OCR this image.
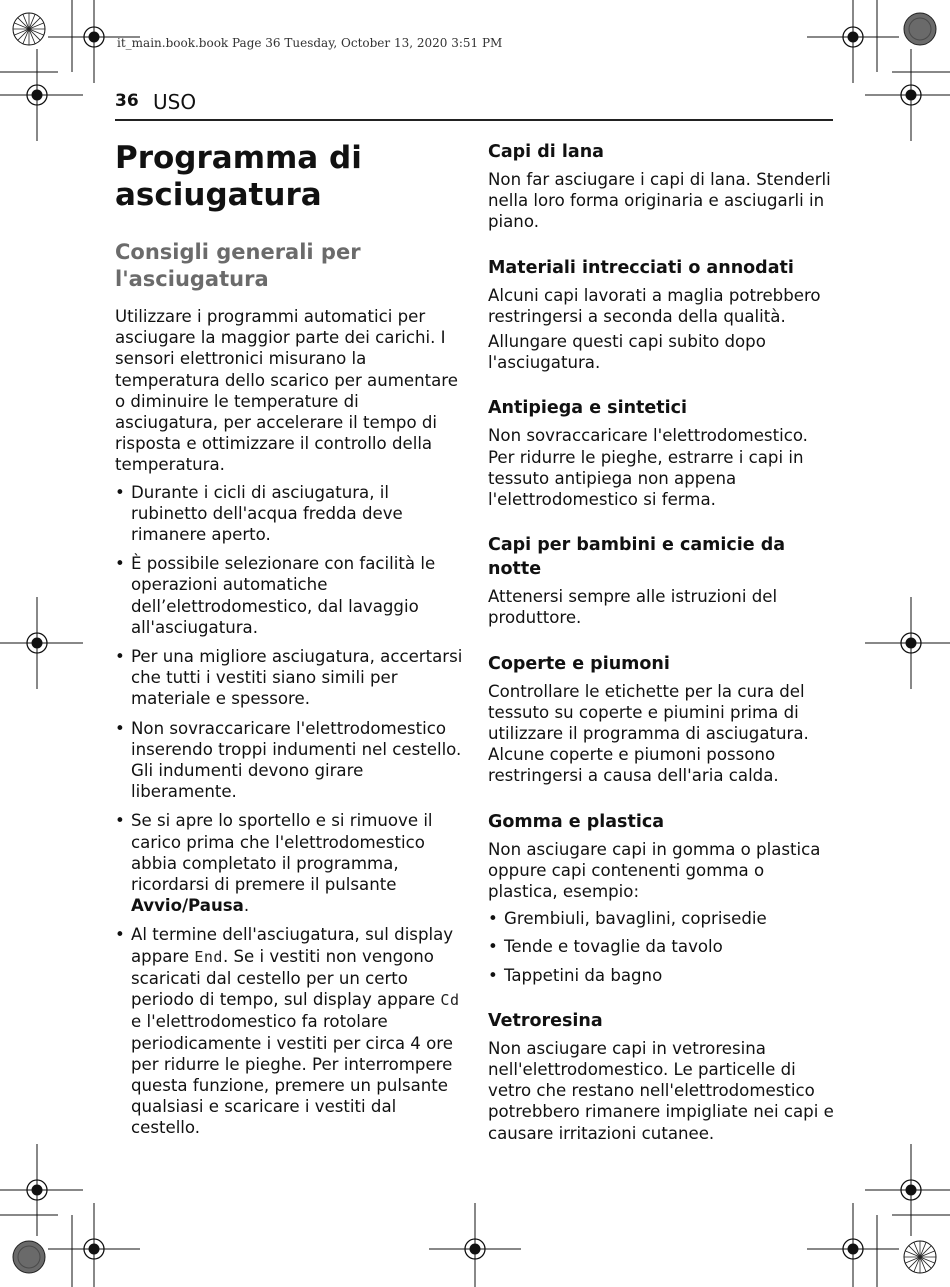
it_main.book.book Page 36 Tuesday, October 13, 2020 3:51 PM
36 USO
Programma di asciugatura
Consigli generali per l'asciugatura

Utilizzare i programmi automatici per asciugare la maggior parte dei carichi. I sensori elettronici misurano la temperatura dello scarico per aumentare o diminuire le temperature di asciugatura, per accelerare il tempo di risposta e ottimizzare il controllo della temperatura.

• Durante i cicli di asciugatura, il rubinetto dell'acqua fredda deve rimanere aperto.
• È possibile selezionare con facilità le operazioni automatiche dell’elettrodomestico, dal lavaggio all'asciugatura.
• Per una migliore asciugatura, accertarsi che tutti i vestiti siano simili per materiale e spessore.
• Non sovraccaricare l'elettrodomestico inserendo troppi indumenti nel cestello. Gli indumenti devono girare liberamente.
• Se si apre lo sportello e si rimuove il carico prima che l'elettrodomestico abbia completato il programma, ricordarsi di premere il pulsante Avvio/Pausa.
• Al termine dell'asciugatura, sul display appare End. Se i vestiti non vengono scaricati dal cestello per un certo periodo di tempo, sul display appare Cd e l'elettrodomestico fa rotolare periodicamente i vestiti per circa 4 ore per ridurre le pieghe. Per interrompere questa funzione, premere un pulsante qualsiasi e scaricare i vestiti dal cestello.
Capi di lana

Non far asciugare i capi di lana. Stenderli nella loro forma originaria e asciugarli in piano.

Materiali intrecciati o annodati

Alcuni capi lavorati a maglia potrebbero restringersi a seconda della qualità.

Allungare questi capi subito dopo l'asciugatura.

Antipiega e sintetici

Non sovraccaricare l'elettrodomestico. Per ridurre le pieghe, estrarre i capi in tessuto antipiega non appena l'elettrodomestico si ferma.

Capi per bambini e camicie da notte

Attenersi sempre alle istruzioni del produttore.

Coperte e piumoni

Controllare le etichette per la cura del tessuto su coperte e piumini prima di utilizzare il programma di asciugatura. Alcune coperte e piumoni possono restringersi a causa dell'aria calda.

Gomma e plastica

Non asciugare capi in gomma o plastica oppure capi contenenti gomma o plastica, esempio:

• Grembiuli, bavaglini, coprisedie
• Tende e tovaglie da tavolo
• Tappetini da bagno
Vetroresina

Non asciugare capi in vetroresina nell'elettrodomestico. Le particelle di vetro che restano nell'elettrodomestico potrebbero rimanere impigliate nei capi e causare irritazioni cutanee.
